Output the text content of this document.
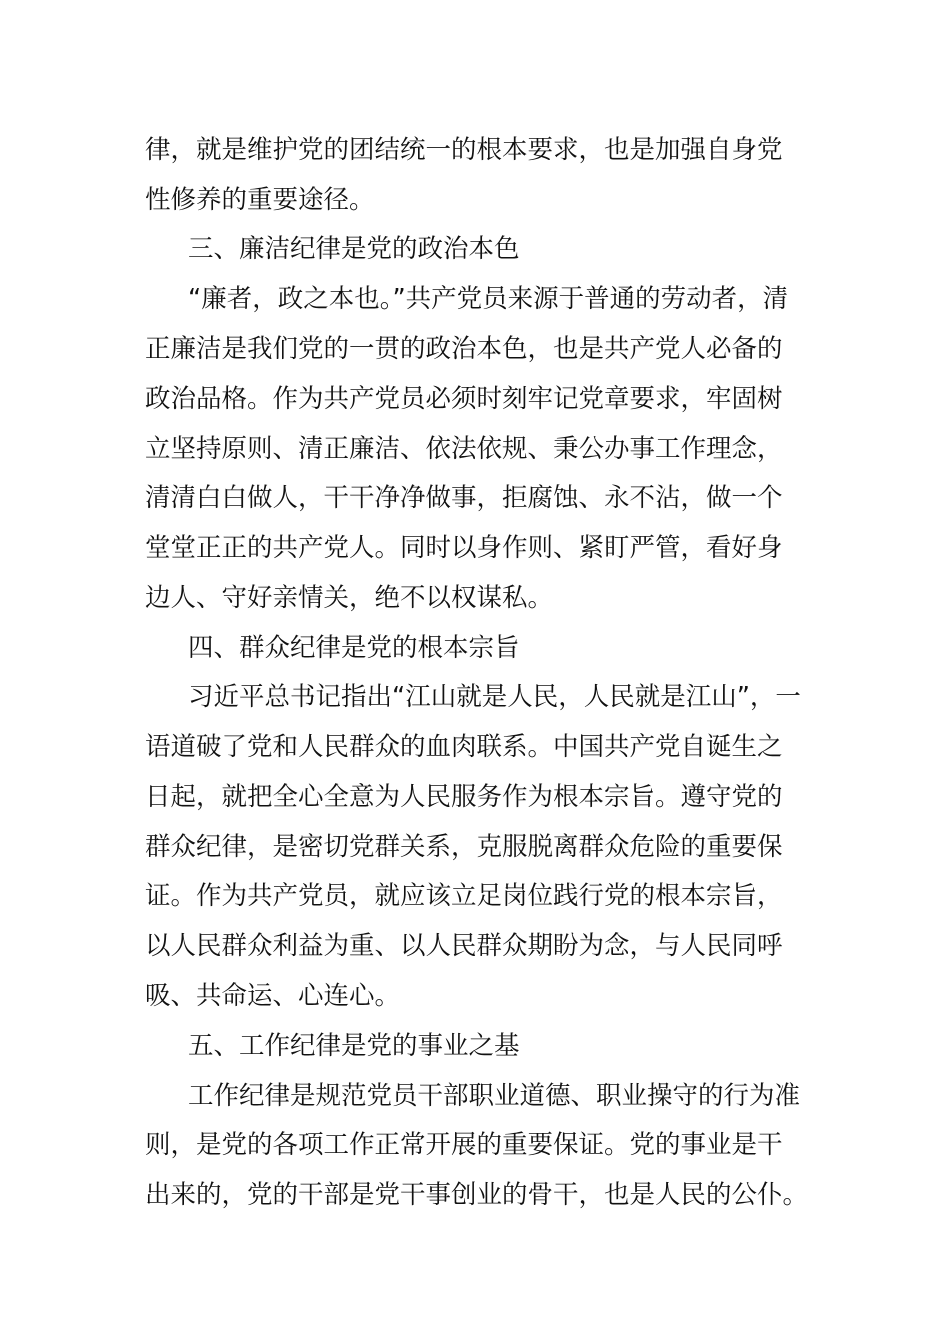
律，就是维护党的团结统一的根本要求，也是加强自身党
性修养的重要途径。
三、廉洁纪律是党的政治本色
“廉者，政之本也。”共产党员来源于普通的劳动者，清
正廉洁是我们党的一贯的政治本色，也是共产党人必备的
政治品格。作为共产党员必须时刻牢记党章要求，牢固树
立坚持原则、清正廉洁、依法依规、秉公办事工作理念，
清清白白做人，干干净净做事，拒腐蚀、永不沾，做一个
堂堂正正的共产党人。同时以身作则、紧盯严管，看好身
边人、守好亲情关，绝不以权谋私。
四、群众纪律是党的根本宗旨
习近平总书记指出“江山就是人民，人民就是江山”，一
语道破了党和人民群众的血肉联系。中国共产党自诞生之
日起，就把全心全意为人民服务作为根本宗旨。遵守党的
群众纪律，是密切党群关系，克服脱离群众危险的重要保
证。作为共产党员，就应该立足岗位践行党的根本宗旨，
以人民群众利益为重、以人民群众期盼为念，与人民同呼
吸、共命运、心连心。
五、工作纪律是党的事业之基
工作纪律是规范党员干部职业道德、职业操守的行为准
则，是党的各项工作正常开展的重要保证。党的事业是干
出来的，党的干部是党干事创业的骨干，也是人民的公仆。
